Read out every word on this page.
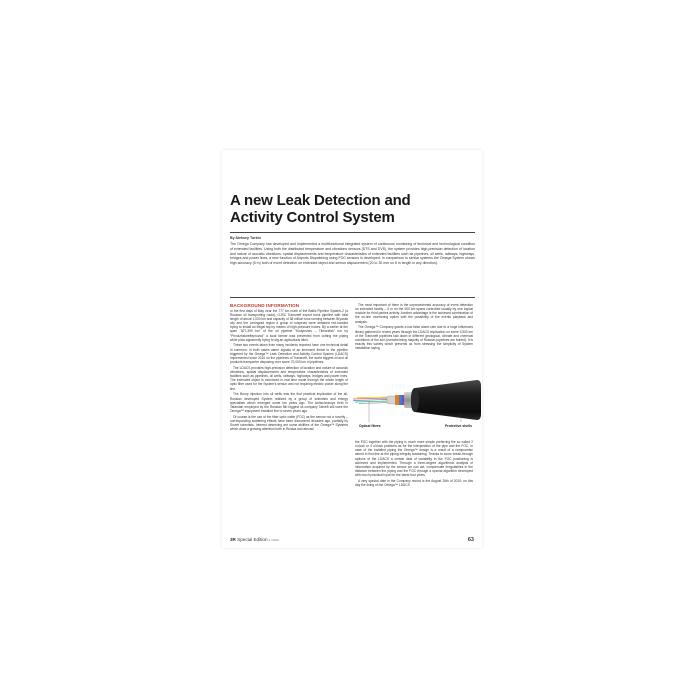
A new Leak Detection and
Activity Control System
By Aleksey Turkin

The Omega Company has developed and implemented a multifunctional integrated system of continuous monitoring of technical and technological condition of extended facilities. Using both the distributed temperature and vibrations sensors (DTS and DVS), the system provides high-precision detection of location and nature of acoustic vibrations, spatial displacements and temperature characteristics of extended facilities such as pipelines, oil wells, railways, highways, bridges and power lines, a new function of Airports Dispatching using FOC sensors is developed. In comparison to similar systems the Omega System shows high accuracy (5 m) both of event detection on extended object and sensor displacement (20 to 30 mm on 6 m length in any direction).

BACKGROUND INFORMATION

In the first days of May near the 777 km mark of the Baltic Pipeline System-2 (a Russian oil transporting route), OJSC Transneft export trunk pipeline with total length of about 1,000 km and capacity of 38 million tons running between Bryansk city and the Leningrad region a group of suspects were detained red-handed trying to install an illegal tap by means of high-pressure hoses. By a earlier at the span "307-399 km" of the oil pipeline "Kudyushev – Tikhoretsk" run by "Privolzhsknefteprovod" a local farmer was prevented from cutting the piping while plow apparently trying to dig an agricultural ditch.

These two events taken from many incidents reported have one technical detail in common: in both cases alarm signals of an imminent threat to the pipeline triggered by the Omega™ Leak Detection and Activity Control System (LDACS) implemented since 2010 on the pipelines of Transneft, the world biggest oil and oil products transporter disposing over some 70,000 km of pipelines.

The LDACS provides high-precision detection of location and nature of acoustic vibrations, spatial displacements and temperature characteristics of extended facilities such as pipelines, oil wells, railways, highways, bridges and power lines. The extended object is monitored in real time mode through the whole length of optic fiber used for the System's sensor and not requiring electric power along the line.

The Bump injection into oil wells was the first practical implication of the all-Russian developed System realized by a group of scientists and energy specialists which emerged some ten years ago. The Ashschrokoye field in Tatarstan employed by the Russian 5th biggest oil company Tatneft still uses the Omega™ equipment installed five to seven years ago.

Of course is the use of the fiber optic cable (FOC) as the sensor not a novelty – corresponding scattering effects have been discovered decades ago, partially by Soviet scientists. Interest deserving are some abilities of the Omega™ Systems which draw a growing attention both in Russia and abroad.

The most important of them is the unprecedented accuracy of event detection on extended facility – 5 m on the 900 km spans controlled usually by one logical module for third parties activity. Another advantage is the achieved combination of the on-line monitoring option with the possibility of the events playback and analysis.

The Omega™ Company grants a low false alarm rate due to a huge influences library gathered in recent years through the LDACS implication on some 3,500 km of the Transneft pipelines laid down in different geological, climate and chemical conditions of the soil (overwhelming majority of Russian pipelines are buried). It is exactly this variety which prevents us from stressing the simplicity of System installation laying

Optical fibres	Protective shells

the FOC together with the piping is much more simple preferring the so called 2 o'clock or 4 o'clock positions as for the interposition of the pipe and the FOC. In case of the installed piping the Omega™ design is a result of a compromise aimed in first line at the piping integrity sustaining. Thanks to some break-through options of the LDACS a certain deal of variability in the FOC positioning is achieved and implemented. Through a three-degree algorithmic analysis of information acquired by the sensor we can act, compensate irregularities in the distance between the piping and the FOC through a special algorithm developed with much practical input for the latest four years.

A very special date in the Company record is the August 26th of 2010: on this day the lining of the Omega™ LDACS

3R Special Edition4 / 2012	63
